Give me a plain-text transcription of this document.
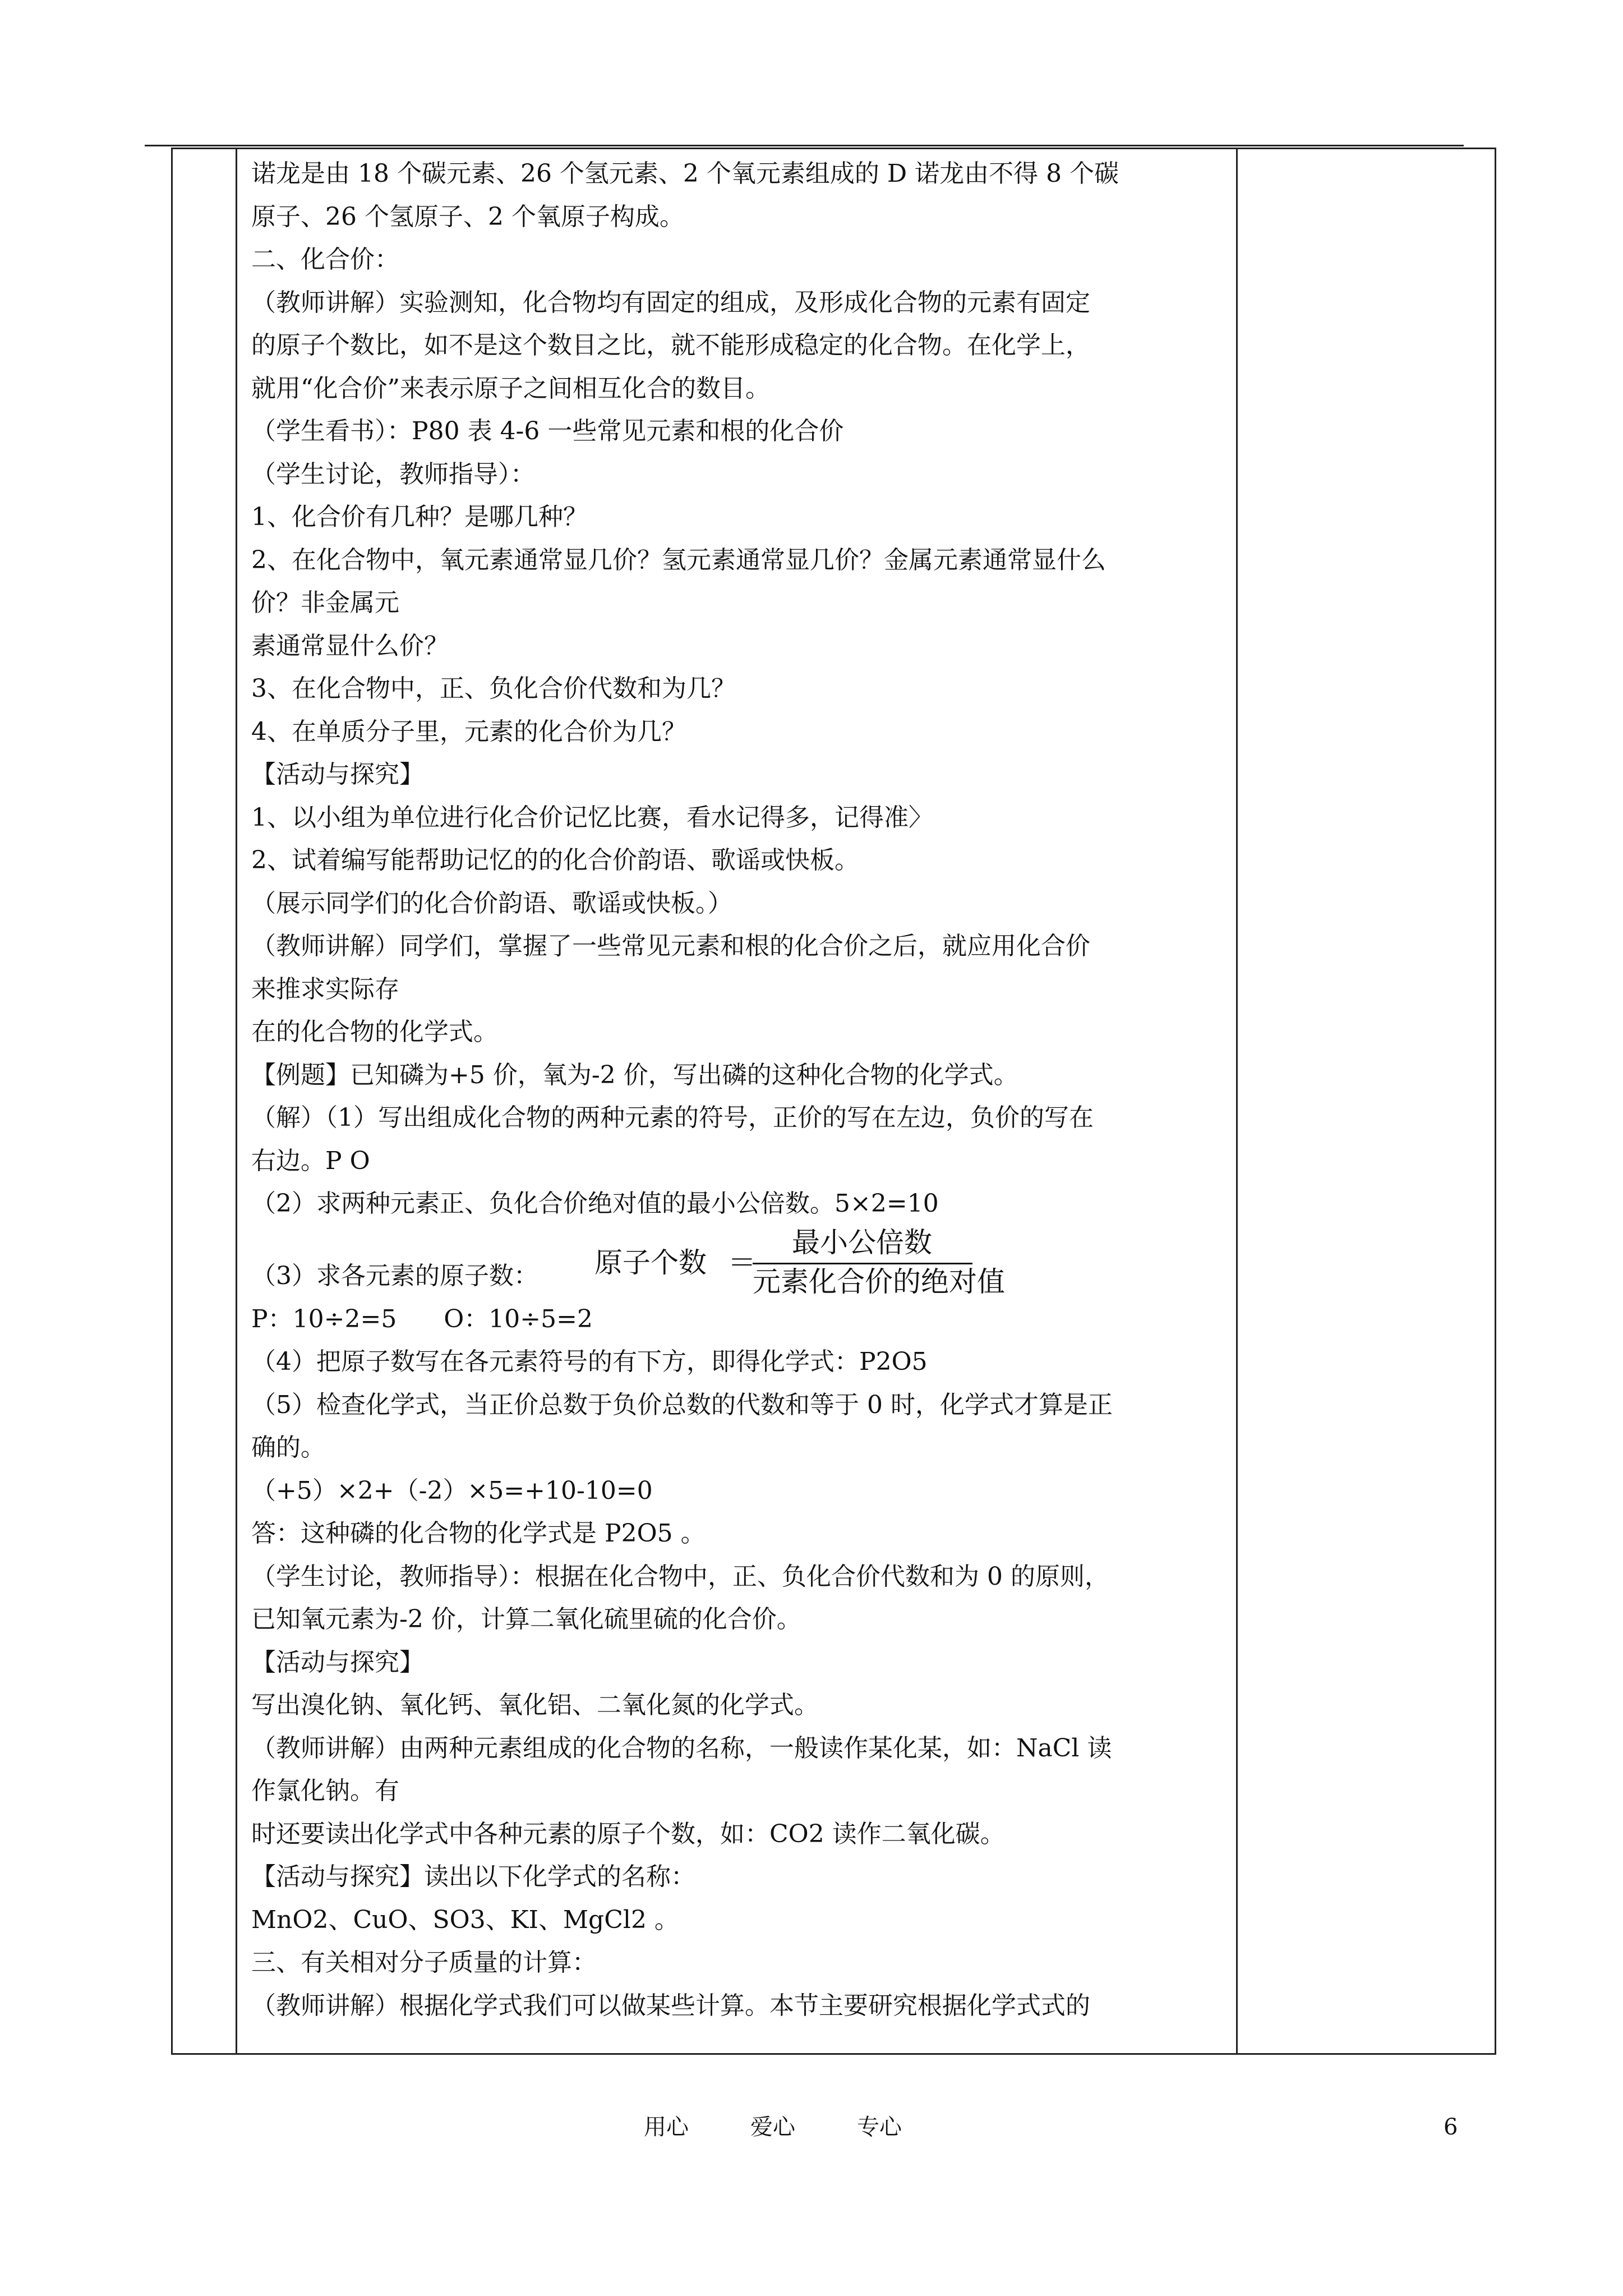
诺龙是由 18 个碳元素、26 个氢元素、2 个氧元素组成的 D 诺龙由不得 8 个碳
原子、26 个氢原子、2 个氧原子构成。
二、化合价：
（教师讲解）实验测知，化合物均有固定的组成，及形成化合物的元素有固定
的原子个数比，如不是这个数目之比，就不能形成稳定的化合物。在化学上，
就用“化合价”来表示原子之间相互化合的数目。
（学生看书）：P80 表 4-6 一些常见元素和根的化合价
（学生讨论，教师指导）：
1、化合价有几种？是哪几种？
2、在化合物中，氧元素通常显几价？氢元素通常显几价？金属元素通常显什么
价？非金属元
素通常显什么价？
3、在化合物中，正、负化合价代数和为几？
4、在单质分子里，元素的化合价为几？
【活动与探究】
1、以小组为单位进行化合价记忆比赛，看水记得多，记得准〉
2、试着编写能帮助记忆的的化合价韵语、歌谣或快板。
（展示同学们的化合价韵语、歌谣或快板。）
（教师讲解）同学们，掌握了一些常见元素和根的化合价之后，就应用化合价
来推求实际存
在的化合物的化学式。
【例题】已知磷为+5 价，氧为-2 价，写出磷的这种化合物的化学式。
（解）（1）写出组成化合物的两种元素的符号，正价的写在左边，负价的写在
右边。P O
（2）求两种元素正、负化合价绝对值的最小公倍数。5×2=10
（3）求各元素的原子数： 原子个数 ＝
最小公倍数
元素化合价的绝对值
P：10÷2=5      O：10÷5=2
（4）把原子数写在各元素符号的有下方，即得化学式：P2O5
（5）检查化学式，当正价总数于负价总数的代数和等于 0 时，化学式才算是正
确的。
（+5）×2+（-2）×5=+10-10=0
答：这种磷的化合物的化学式是 P2O5 。
（学生讨论，教师指导）：根据在化合物中，正、负化合价代数和为 0 的原则，
已知氧元素为-2 价，计算二氧化硫里硫的化合价。
【活动与探究】
写出溴化钠、氧化钙、氧化铝、二氧化氮的化学式。
（教师讲解）由两种元素组成的化合物的名称，一般读作某化某，如：NaCl 读
作氯化钠。有
时还要读出化学式中各种元素的原子个数，如：CO2 读作二氧化碳。
【活动与探究】读出以下化学式的名称：
MnO2、CuO、SO3、KI、MgCl2 。
三、有关相对分子质量的计算：
（教师讲解）根据化学式我们可以做某些计算。本节主要研究根据化学式式的
用心	爱心	专心	6
